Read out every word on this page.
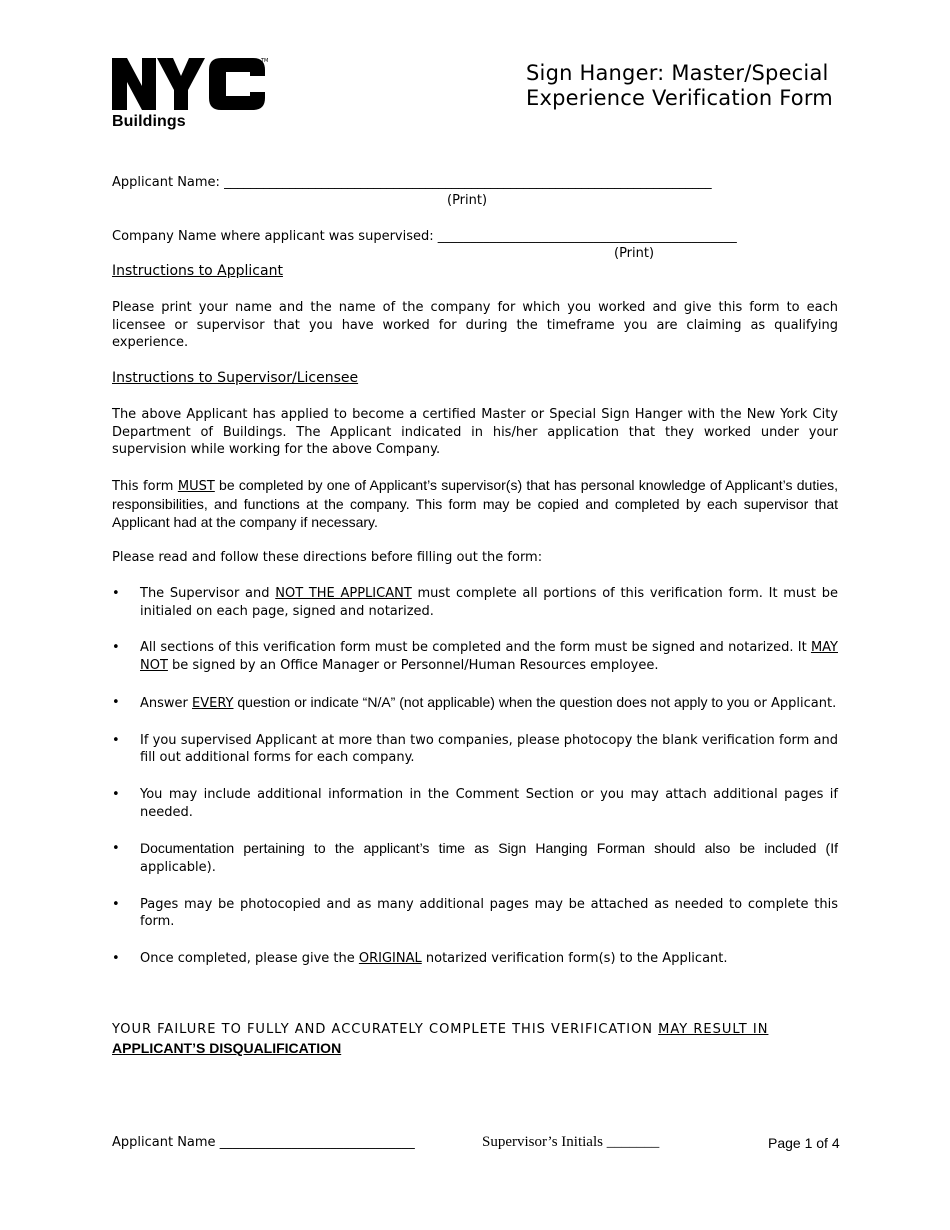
TM
Buildings
Sign Hanger: Master/Special
Experience Verification Form
Applicant Name: ___________________________________________________________________________
(Print)
Company Name where applicant was supervised: ______________________________________________
(Print)
Instructions to Applicant
Please print your name and the name of the company for which you worked and give this form to each licensee or supervisor that you have worked for during the timeframe you are claiming as qualifying experience.
Instructions to Supervisor/Licensee
The above Applicant has applied to become a certified Master or Special Sign Hanger with the New York City Department of Buildings. The Applicant indicated in his/her application that they worked under your supervision while working for the above Company.
This form MUST be completed by one of Applicant’s supervisor(s) that has personal knowledge of Applicant’s duties, responsibilities, and functions at the company. This form may be copied and completed by each supervisor that Applicant had at the company if necessary.
Please read and follow these directions before filling out the form:
• The Supervisor and NOT THE APPLICANT must complete all portions of this verification form. It must be initialed on each page, signed and notarized.
• All sections of this verification form must be completed and the form must be signed and notarized. It MAY NOT be signed by an Office Manager or Personnel/Human Resources employee.
• Answer EVERY question or indicate “N/A” (not applicable) when the question does not apply to you or Applicant.
• If you supervised Applicant at more than two companies, please photocopy the blank verification form and fill out additional forms for each company.
• You may include additional information in the Comment Section or you may attach additional pages if needed.
• Documentation pertaining to the applicant’s time as Sign Hanging Forman should also be included (If applicable).
• Pages may be photocopied and as many additional pages may be attached as needed to complete this form.
• Once completed, please give the ORIGINAL notarized verification form(s) to the Applicant.
YOUR FAILURE TO FULLY AND ACCURATELY COMPLETE THIS VERIFICATION MAY RESULT IN
APPLICANT’S DISQUALIFICATION
Applicant Name ______________________________	Supervisor’s Initials _______	Page 1 of 4
